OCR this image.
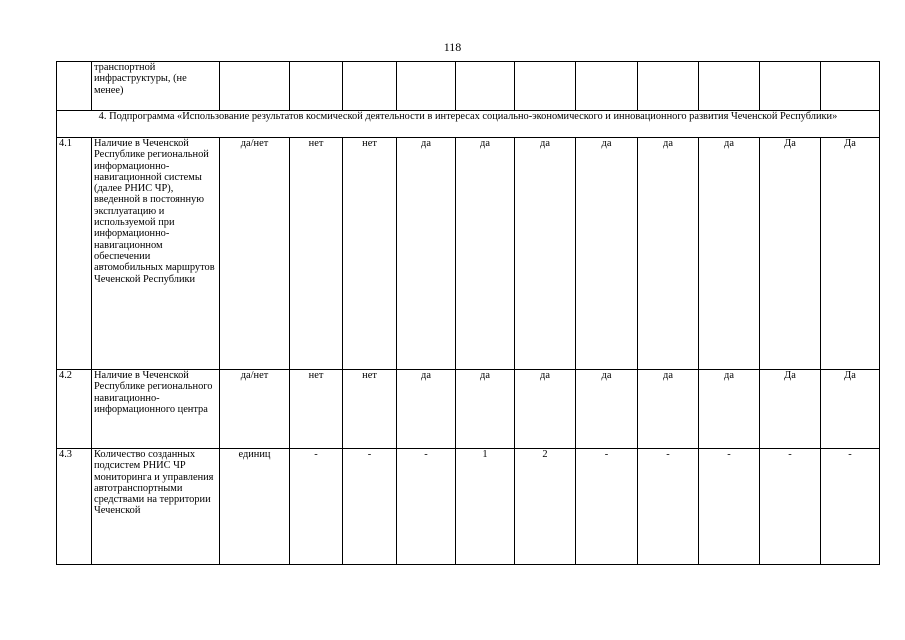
118
	транспортной инфраструктуры, (не менее)											
4. Подпрограмма «Использование результатов космической деятельности в интересах социально-экономического и инновационного развития Чеченской Республики»												
4.1	Наличие в Чеченской Республике региональной информационно-навигационной системы (далее РНИС ЧР), введенной в постоянную эксплуатацию и используемой при информационно-навигационном обеспечении автомобильных маршрутов Чеченской Республики	да/нет	нет	нет	да	да	да	да	да	да	Да	Да
4.2	Наличие в Чеченской Республике регионального навигационно-информационного центра	да/нет	нет	нет	да	да	да	да	да	да	Да	Да
4.3	Количество созданных подсистем РНИС ЧР мониторинга и управления автотранспортными средствами на территории Чеченской	единиц	-	-	-	1	2	-	-	-	-	-
